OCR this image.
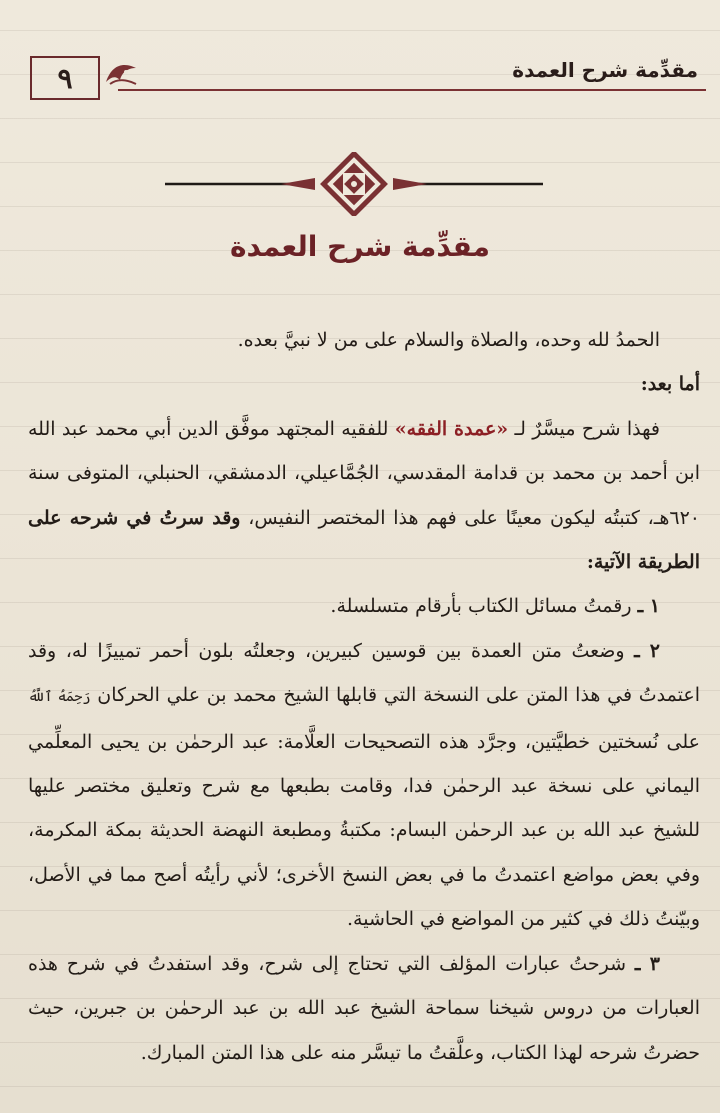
٩	مقدِّمة شرح العمدة
مقدِّمة شرح العمدة

الحمدُ لله وحده، والصلاة والسلام على من لا نبيَّ بعده.

أما بعد:

فهذا شرح ميسَّرٌ لـ «عمدة الفقه» للفقيه المجتهد موفَّق الدين أبي محمد عبد الله ابن أحمد بن محمد بن قدامة المقدسي، الجُمَّاعيلي، الدمشقي، الحنبلي، المتوفى سنة ٦٢٠هـ، كتبتُه ليكون معينًا على فهم هذا المختصر النفيس، وقد سرتُ في شرحه على الطريقة الآتية:

١ ـ رقمتُ مسائل الكتاب بأرقام متسلسلة.

٢ ـ وضعتُ متن العمدة بين قوسين كبيرين، وجعلتُه بلون أحمر تمييزًا له، وقد اعتمدتُ في هذا المتن على النسخة التي قابلها الشيخ محمد بن علي الحركان رَحِمَهُ ٱللَّهُ على نُسختين خطيَّتين، وجرَّد هذه التصحيحات العلَّامة: عبد الرحمٰن بن يحيى المعلِّمي اليماني على نسخة عبد الرحمٰن فدا، وقامت بطبعها مع شرح وتعليق مختصر عليها للشيخ عبد الله بن عبد الرحمٰن البسام: مكتبةُ ومطبعة النهضة الحديثة بمكة المكرمة، وفي بعض مواضع اعتمدتُ ما في بعض النسخ الأخرى؛ لأني رأيتُه أصح مما في الأصل، وبيّنتُ ذلك في كثير من المواضع في الحاشية.

٣ ـ شرحتُ عبارات المؤلف التي تحتاج إلى شرح، وقد استفدتُ في شرح هذه العبارات من دروس شيخنا سماحة الشيخ عبد الله بن عبد الرحمٰن بن جبرين، حيث حضرتُ شرحه لهذا الكتاب، وعلَّقتُ ما تيسَّر منه على هذا المتن المبارك.
